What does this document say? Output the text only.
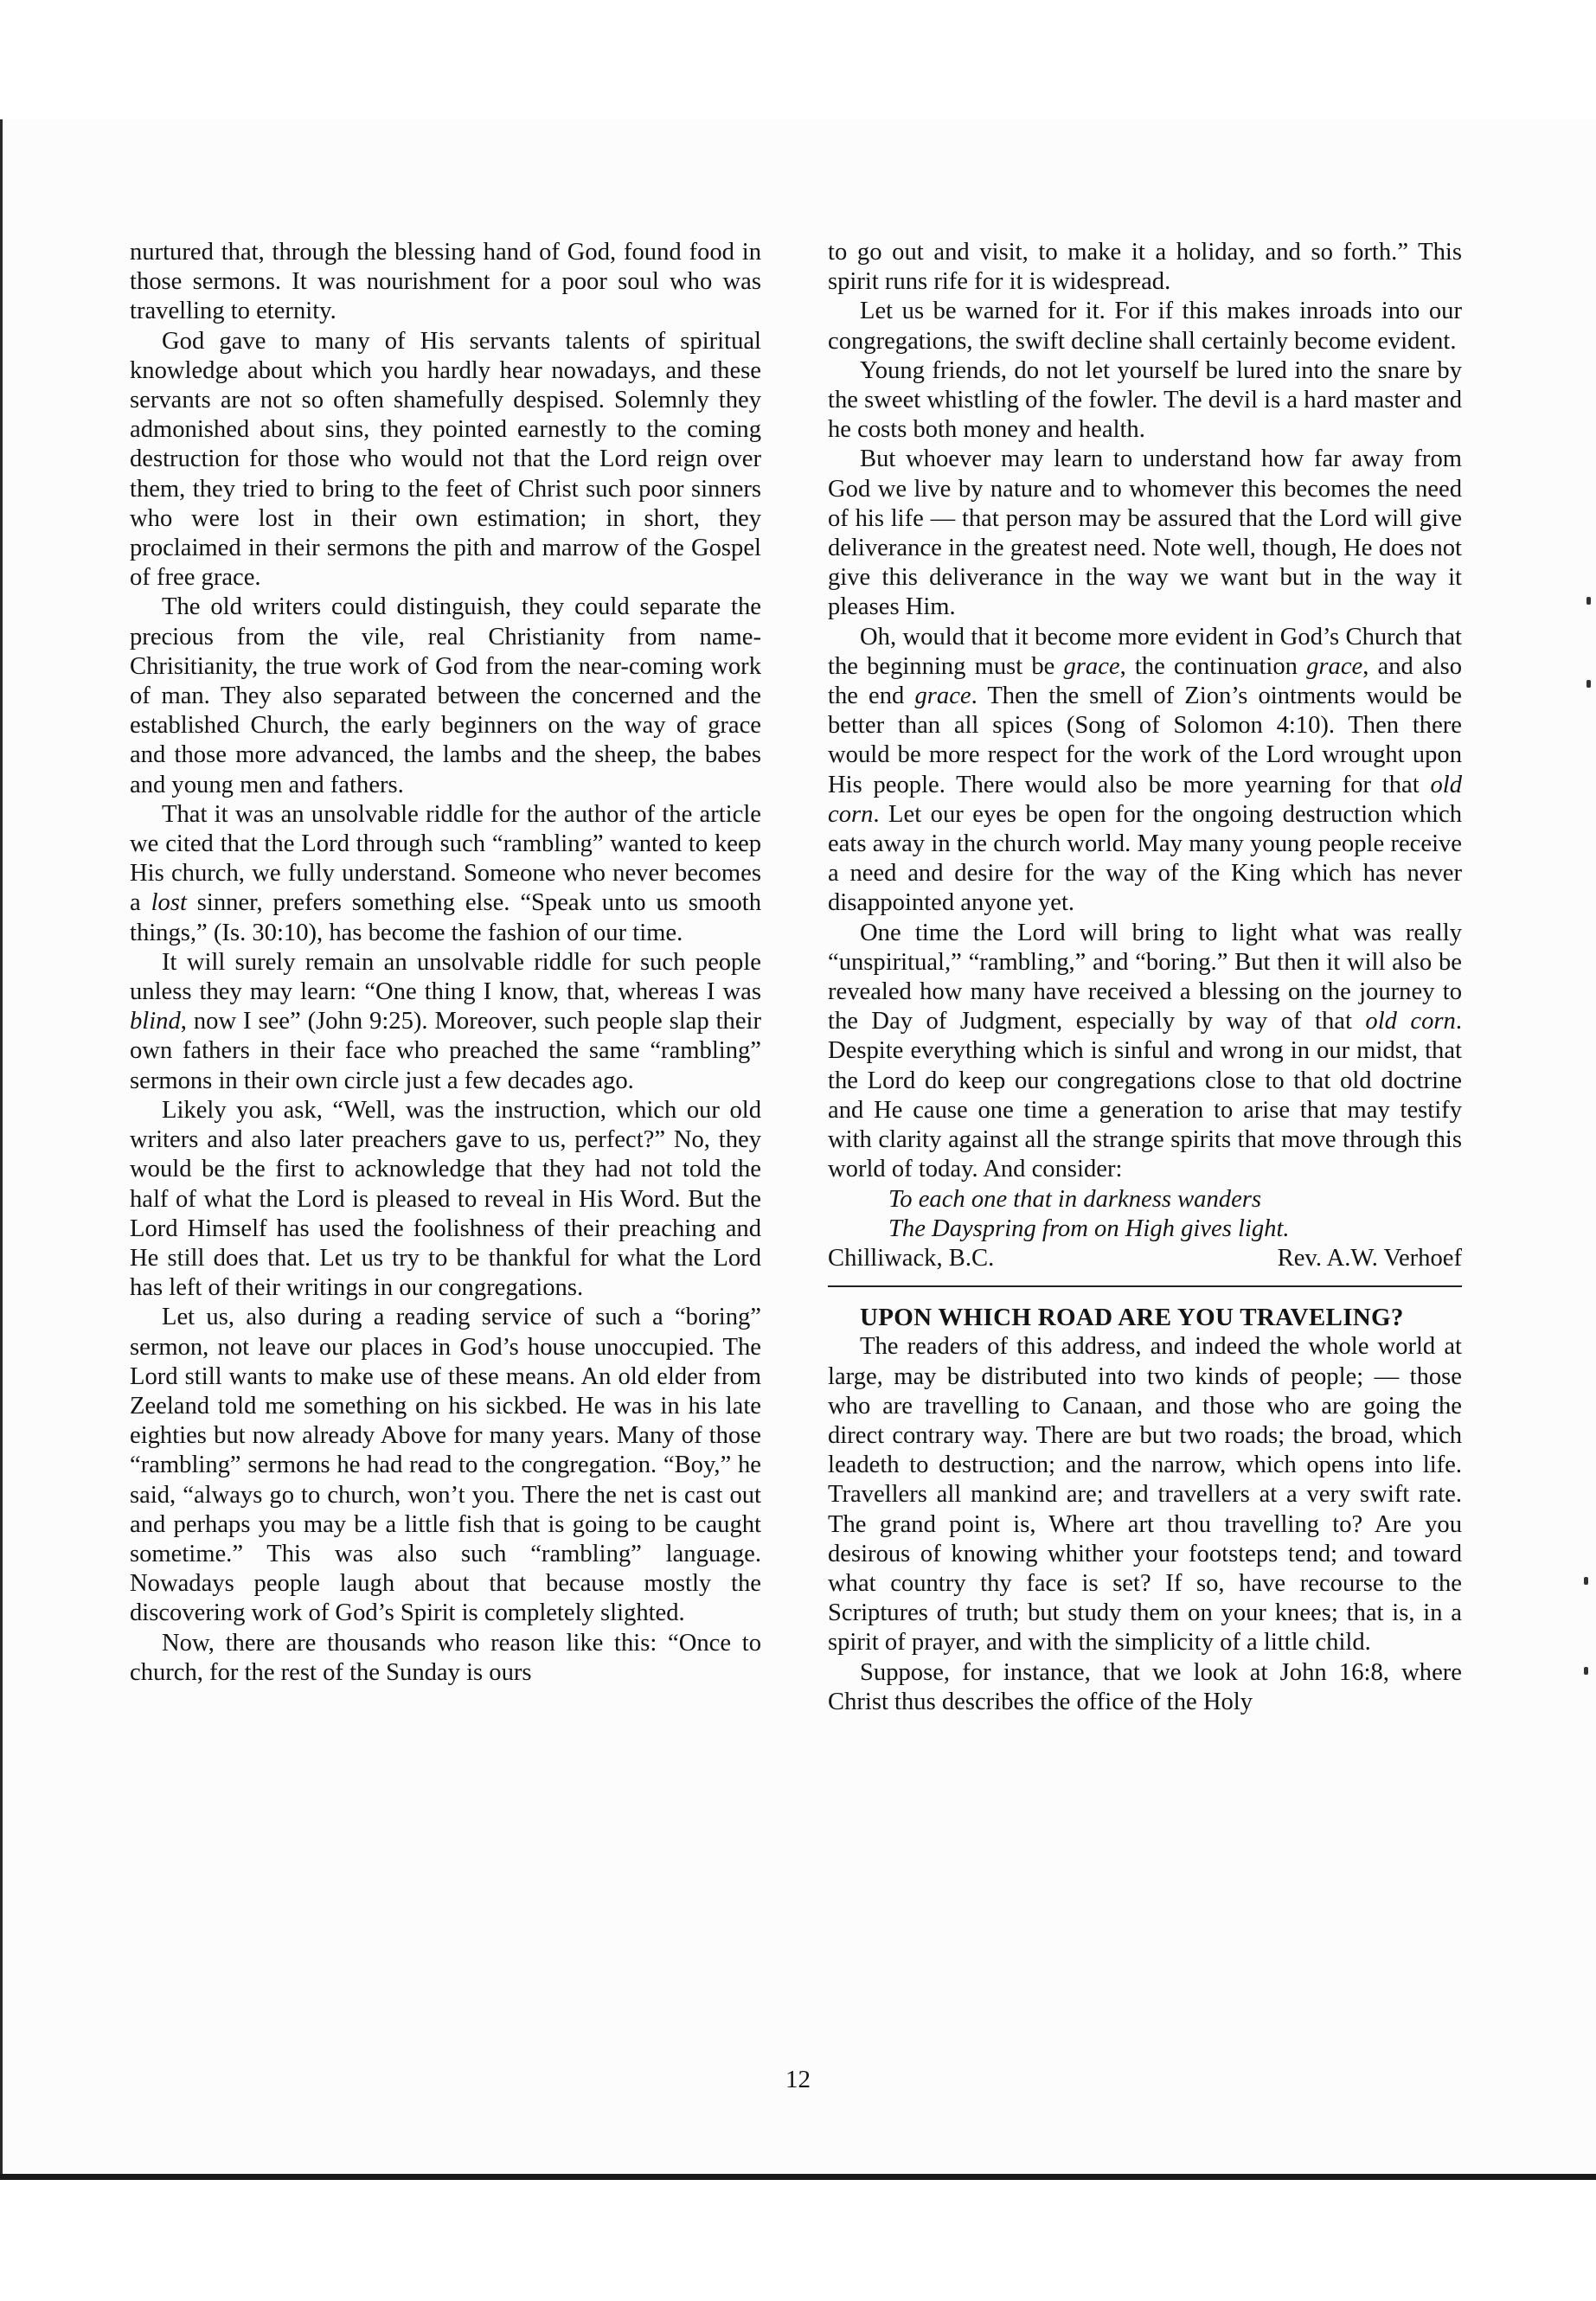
nurtured that, through the blessing hand of God, found food in those sermons. It was nourishment for a poor soul who was travelling to eternity.

God gave to many of His servants talents of spiritual knowledge about which you hardly hear nowadays, and these servants are not so often shamefully despised. Solemnly they admonished about sins, they pointed earnestly to the coming destruction for those who would not that the Lord reign over them, they tried to bring to the feet of Christ such poor sinners who were lost in their own estimation; in short, they proclaimed in their sermons the pith and marrow of the Gospel of free grace.

The old writers could distinguish, they could separate the precious from the vile, real Christianity from name-Chrisitianity, the true work of God from the near-coming work of man. They also separated between the concerned and the established Church, the early beginners on the way of grace and those more advanced, the lambs and the sheep, the babes and young men and fathers.

That it was an unsolvable riddle for the author of the article we cited that the Lord through such “rambling” wanted to keep His church, we fully understand. Someone who never becomes a lost sinner, prefers something else. “Speak unto us smooth things,” (Is. 30:10), has become the fashion of our time.

It will surely remain an unsolvable riddle for such people unless they may learn: “One thing I know, that, whereas I was blind, now I see” (John 9:25). Moreover, such people slap their own fathers in their face who preached the same “rambling” sermons in their own circle just a few decades ago.

Likely you ask, “Well, was the instruction, which our old writers and also later preachers gave to us, perfect?” No, they would be the first to acknowledge that they had not told the half of what the Lord is pleased to reveal in His Word. But the Lord Himself has used the foolishness of their preaching and He still does that. Let us try to be thankful for what the Lord has left of their writings in our congregations.

Let us, also during a reading service of such a “boring” sermon, not leave our places in God’s house unoccupied. The Lord still wants to make use of these means. An old elder from Zeeland told me something on his sickbed. He was in his late eighties but now already Above for many years. Many of those “rambling” sermons he had read to the congregation. “Boy,” he said, “always go to church, won’t you. There the net is cast out and perhaps you may be a little fish that is going to be caught sometime.” This was also such “rambling” language. Nowadays people laugh about that because mostly the discovering work of God’s Spirit is completely slighted.

Now, there are thousands who reason like this: “Once to church, for the rest of the Sunday is ours

to go out and visit, to make it a holiday, and so forth.” This spirit runs rife for it is widespread.

Let us be warned for it. For if this makes inroads into our congregations, the swift decline shall certainly become evident.

Young friends, do not let yourself be lured into the snare by the sweet whistling of the fowler. The devil is a hard master and he costs both money and health.

But whoever may learn to understand how far away from God we live by nature and to whomever this becomes the need of his life — that person may be assured that the Lord will give deliverance in the greatest need. Note well, though, He does not give this deliverance in the way we want but in the way it pleases Him.

Oh, would that it become more evident in God’s Church that the beginning must be grace, the continuation grace, and also the end grace. Then the smell of Zion’s ointments would be better than all spices (Song of Solomon 4:10). Then there would be more respect for the work of the Lord wrought upon His people. There would also be more yearning for that old corn. Let our eyes be open for the ongoing destruction which eats away in the church world. May many young people receive a need and desire for the way of the King which has never disappointed anyone yet.

One time the Lord will bring to light what was really “unspiritual,” “rambling,” and “boring.” But then it will also be revealed how many have received a blessing on the journey to the Day of Judgment, especially by way of that old corn. Despite everything which is sinful and wrong in our midst, that the Lord do keep our congregations close to that old doctrine and He cause one time a generation to arise that may testify with clarity against all the strange spirits that move through this world of today. And consider:

To each one that in darkness wanders
The Dayspring from on High gives light.
Chilliwack, B.C.	Rev. A.W. Verhoef

UPON WHICH ROAD ARE YOU TRAVELING?

The readers of this address, and indeed the whole world at large, may be distributed into two kinds of people; — those who are travelling to Canaan, and those who are going the direct contrary way. There are but two roads; the broad, which leadeth to destruction; and the narrow, which opens into life. Travellers all mankind are; and travellers at a very swift rate. The grand point is, Where art thou travelling to? Are you desirous of knowing whither your footsteps tend; and toward what country thy face is set? If so, have recourse to the Scriptures of truth; but study them on your knees; that is, in a spirit of prayer, and with the simplicity of a little child.

Suppose, for instance, that we look at John 16:8, where Christ thus describes the office of the Holy

12
